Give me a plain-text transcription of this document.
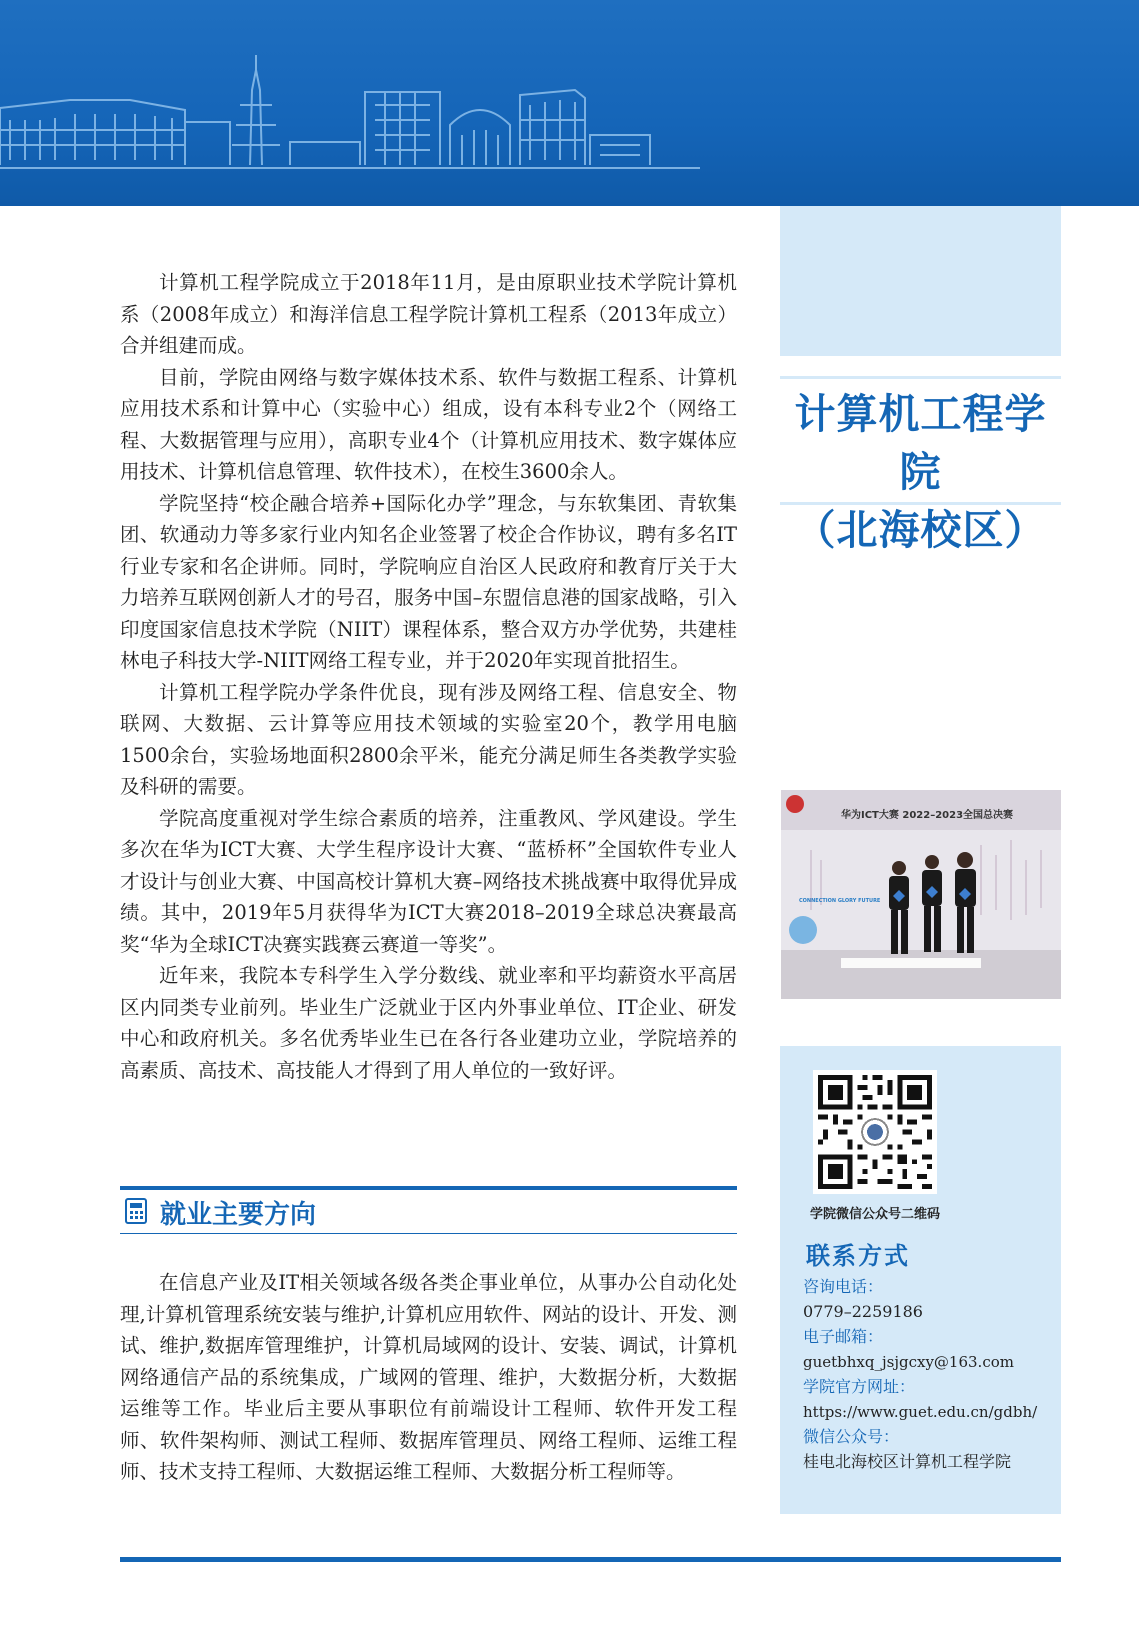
计算机工程学院
（北海校区）
华为ICT大赛 2022–2023全国总决赛
CONNECTION GLORY FUTURE
学院微信公众号二维码
联系方式
咨询电话：
0779–2259186
电子邮箱：
guetbhxq_jsjgcxy@163.com
学院官方网址：
https://www.guet.edu.cn/gdbh/
微信公众号：
桂电北海校区计算机工程学院

计算机工程学院成立于2018年11月，是由原职业技术学院计算机系（2008年成立）和海洋信息工程学院计算机工程系（2013年成立）合并组建而成。

目前，学院由网络与数字媒体技术系、软件与数据工程系、计算机应用技术系和计算中心（实验中心）组成，设有本科专业2个（网络工程、大数据管理与应用），高职专业4个（计算机应用技术、数字媒体应用技术、计算机信息管理、软件技术），在校生3600余人。

学院坚持“校企融合培养+国际化办学”理念，与东软集团、青软集团、软通动力等多家行业内知名企业签署了校企合作协议，聘有多名IT行业专家和名企讲师。同时，学院响应自治区人民政府和教育厅关于大力培养互联网创新人才的号召，服务中国–东盟信息港的国家战略，引入印度国家信息技术学院（NIIT）课程体系，整合双方办学优势，共建桂林电子科技大学-NIIT网络工程专业，并于2020年实现首批招生。

计算机工程学院办学条件优良，现有涉及网络工程、信息安全、物联网、大数据、云计算等应用技术领域的实验室20个，教学用电脑1500余台，实验场地面积2800余平米，能充分满足师生各类教学实验及科研的需要。

学院高度重视对学生综合素质的培养，注重教风、学风建设。学生多次在华为ICT大赛、大学生程序设计大赛、“蓝桥杯”全国软件专业人才设计与创业大赛、中国高校计算机大赛–网络技术挑战赛中取得优异成绩。其中，2019年5月获得华为ICT大赛2018–2019全球总决赛最高奖“华为全球ICT决赛实践赛云赛道一等奖”。

近年来，我院本专科学生入学分数线、就业率和平均薪资水平高居区内同类专业前列。毕业生广泛就业于区内外事业单位、IT企业、研发中心和政府机关。多名优秀毕业生已在各行各业建功立业，学院培养的高素质、高技术、高技能人才得到了用人单位的一致好评。

就业主要方向

在信息产业及IT相关领域各级各类企事业单位，从事办公自动化处理,计算机管理系统安装与维护,计算机应用软件、网站的设计、开发、测试、维护,数据库管理维护，计算机局域网的设计、安装、调试，计算机网络通信产品的系统集成，广域网的管理、维护，大数据分析，大数据运维等工作。毕业后主要从事职位有前端设计工程师、软件开发工程师、软件架构师、测试工程师、数据库管理员、网络工程师、运维工程师、技术支持工程师、大数据运维工程师、大数据分析工程师等。
